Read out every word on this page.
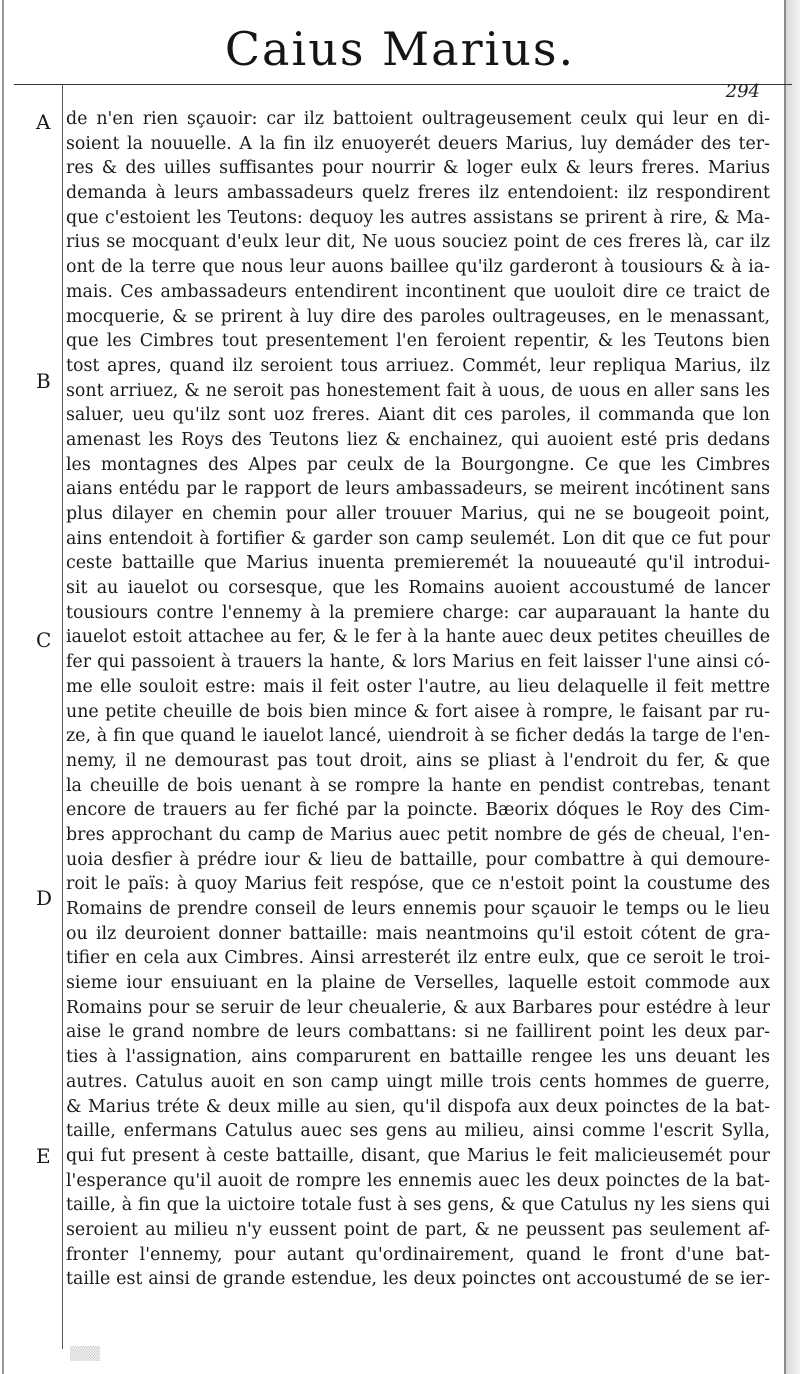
Caius Marius.
294
A
B
C
D
E
de n'en rien sçauoir: car ilz battoient oultrageusement ceulx qui leur en di-
soient la nouuelle. A la fin ilz enuoyerét deuers Marius, luy demáder des ter-
res & des uilles suffisantes pour nourrir & loger eulx & leurs freres. Marius
demanda à leurs ambassadeurs quelz freres ilz entendoient: ilz respondirent
que c'estoient les Teutons: dequoy les autres assistans se prirent à rire, & Ma-
rius se mocquant d'eulx leur dit, Ne uous souciez point de ces freres là, car ilz
ont de la terre que nous leur auons baillee qu'ilz garderont à tousiours & à ia-
mais. Ces ambassadeurs entendirent incontinent que uouloit dire ce traict de
mocquerie, & se prirent à luy dire des paroles oultrageuses, en le menassant,
que les Cimbres tout presentement l'en feroient repentir, & les Teutons bien
tost apres, quand ilz seroient tous arriuez. Commét, leur repliqua Marius, ilz
sont arriuez, & ne seroit pas honestement fait à uous, de uous en aller sans les
saluer, ueu qu'ilz sont uoz freres. Aiant dit ces paroles, il commanda que lon
amenast les Roys des Teutons liez & enchainez, qui auoient esté pris dedans
les montagnes des Alpes par ceulx de la Bourgongne. Ce que les Cimbres
aians entédu par le rapport de leurs ambassadeurs, se meirent incótinent sans
plus dilayer en chemin pour aller trouuer Marius, qui ne se bougeoit point,
ains entendoit à fortifier & garder son camp seulemét. Lon dit que ce fut pour
ceste battaille que Marius inuenta premieremét la nouueauté qu'il introdui-
sit au iauelot ou corsesque, que les Romains auoient accoustumé de lancer
tousiours contre l'ennemy à la premiere charge: car auparauant la hante du
iauelot estoit attachee au fer, & le fer à la hante auec deux petites cheuilles de
fer qui passoient à trauers la hante, & lors Marius en feit laisser l'une ainsi có-
me elle souloit estre: mais il feit oster l'autre, au lieu delaquelle il feit mettre
une petite cheuille de bois bien mince & fort aisee à rompre, le faisant par ru-
ze, à fin que quand le iauelot lancé, uiendroit à se ficher dedás la targe de l'en-
nemy, il ne demourast pas tout droit, ains se pliast à l'endroit du fer, & que
la cheuille de bois uenant à se rompre la hante en pendist contrebas, tenant
encore de trauers au fer fiché par la poincte. Bæorix dóques le Roy des Cim-
bres approchant du camp de Marius auec petit nombre de gés de cheual, l'en-
uoia desfier à prédre iour & lieu de battaille, pour combattre à qui demoure-
roit le païs: à quoy Marius feit respóse, que ce n'estoit point la coustume des
Romains de prendre conseil de leurs ennemis pour sçauoir le temps ou le lieu
ou ilz deuroient donner battaille: mais neantmoins qu'il estoit cótent de gra-
tifier en cela aux Cimbres. Ainsi arresterét ilz entre eulx, que ce seroit le troi-
sieme iour ensuiuant en la plaine de Verselles, laquelle estoit commode aux
Romains pour se seruir de leur cheualerie, & aux Barbares pour estédre à leur
aise le grand nombre de leurs combattans: si ne faillirent point les deux par-
ties à l'assignation, ains comparurent en battaille rengee les uns deuant les
autres. Catulus auoit en son camp uingt mille trois cents hommes de guerre,
& Marius tréte & deux mille au sien, qu'il dispofa aux deux poinctes de la bat-
taille, enfermans Catulus auec ses gens au milieu, ainsi comme l'escrit Sylla,
qui fut present à ceste battaille, disant, que Marius le feit malicieusemét pour
l'esperance qu'il auoit de rompre les ennemis auec les deux poinctes de la bat-
taille, à fin que la uictoire totale fust à ses gens, & que Catulus ny les siens qui
seroient au milieu n'y eussent point de part, & ne peussent pas seulement af-
fronter l'ennemy, pour autant qu'ordinairement, quand le front d'une bat-
taille est ainsi de grande estendue, les deux poinctes ont accoustumé de se ier-
▒▒▒
